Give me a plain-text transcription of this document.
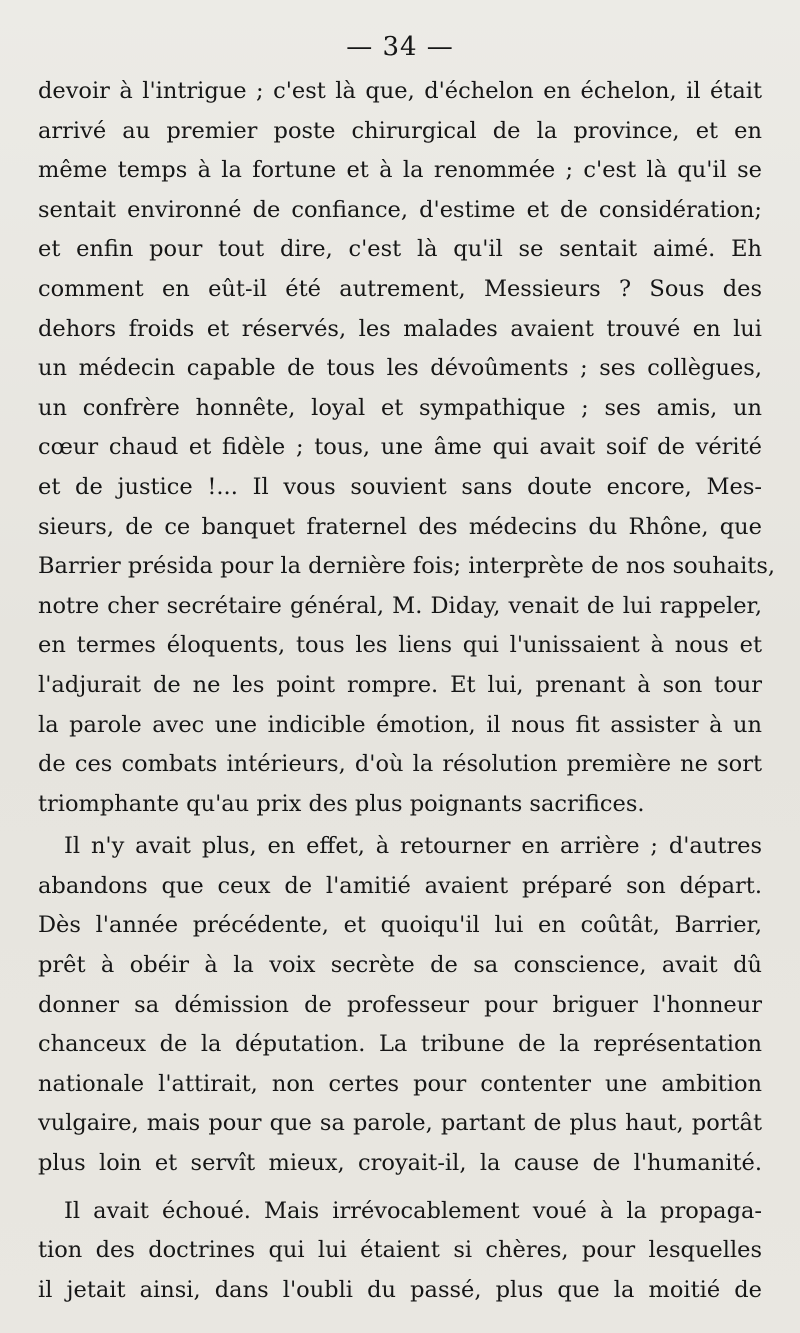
— 34 —
devoir à l'intrigue ; c'est là que, d'échelon en échelon, il était
arrivé au premier poste chirurgical de la province, et en
même temps à la fortune et à la renommée ; c'est là qu'il se
sentait environné de confiance, d'estime et de considération;
et enfin pour tout dire, c'est là qu'il se sentait aimé. Eh
comment en eût-il été autrement, Messieurs ? Sous des
dehors froids et réservés, les malades avaient trouvé en lui
un médecin capable de tous les dévoûments ; ses collègues,
un confrère honnête, loyal et sympathique ; ses amis, un
cœur chaud et fidèle ; tous, une âme qui avait soif de vérité
et de justice !... Il vous souvient sans doute encore, Mes-
sieurs, de ce banquet fraternel des médecins du Rhône, que
Barrier présida pour la dernière fois; interprète de nos souhaits,
notre cher secrétaire général, M. Diday, venait de lui rappeler,
en termes éloquents, tous les liens qui l'unissaient à nous et
l'adjurait de ne les point rompre. Et lui, prenant à son tour
la parole avec une indicible émotion, il nous fit assister à un
de ces combats intérieurs, d'où la résolution première ne sort
triomphante qu'au prix des plus poignants sacrifices.
Il n'y avait plus, en effet, à retourner en arrière ; d'autres
abandons que ceux de l'amitié avaient préparé son départ.
Dès l'année précédente, et quoiqu'il lui en coûtât, Barrier,
prêt à obéir à la voix secrète de sa conscience, avait dû
donner sa démission de professeur pour briguer l'honneur
chanceux de la députation. La tribune de la représentation
nationale l'attirait, non certes pour contenter une ambition
vulgaire, mais pour que sa parole, partant de plus haut, portât
plus loin et servît mieux, croyait-il, la cause de l'humanité.
Il avait échoué. Mais irrévocablement voué à la propaga-
tion des doctrines qui lui étaient si chères, pour lesquelles
il jetait ainsi, dans l'oubli du passé, plus que la moitié de
